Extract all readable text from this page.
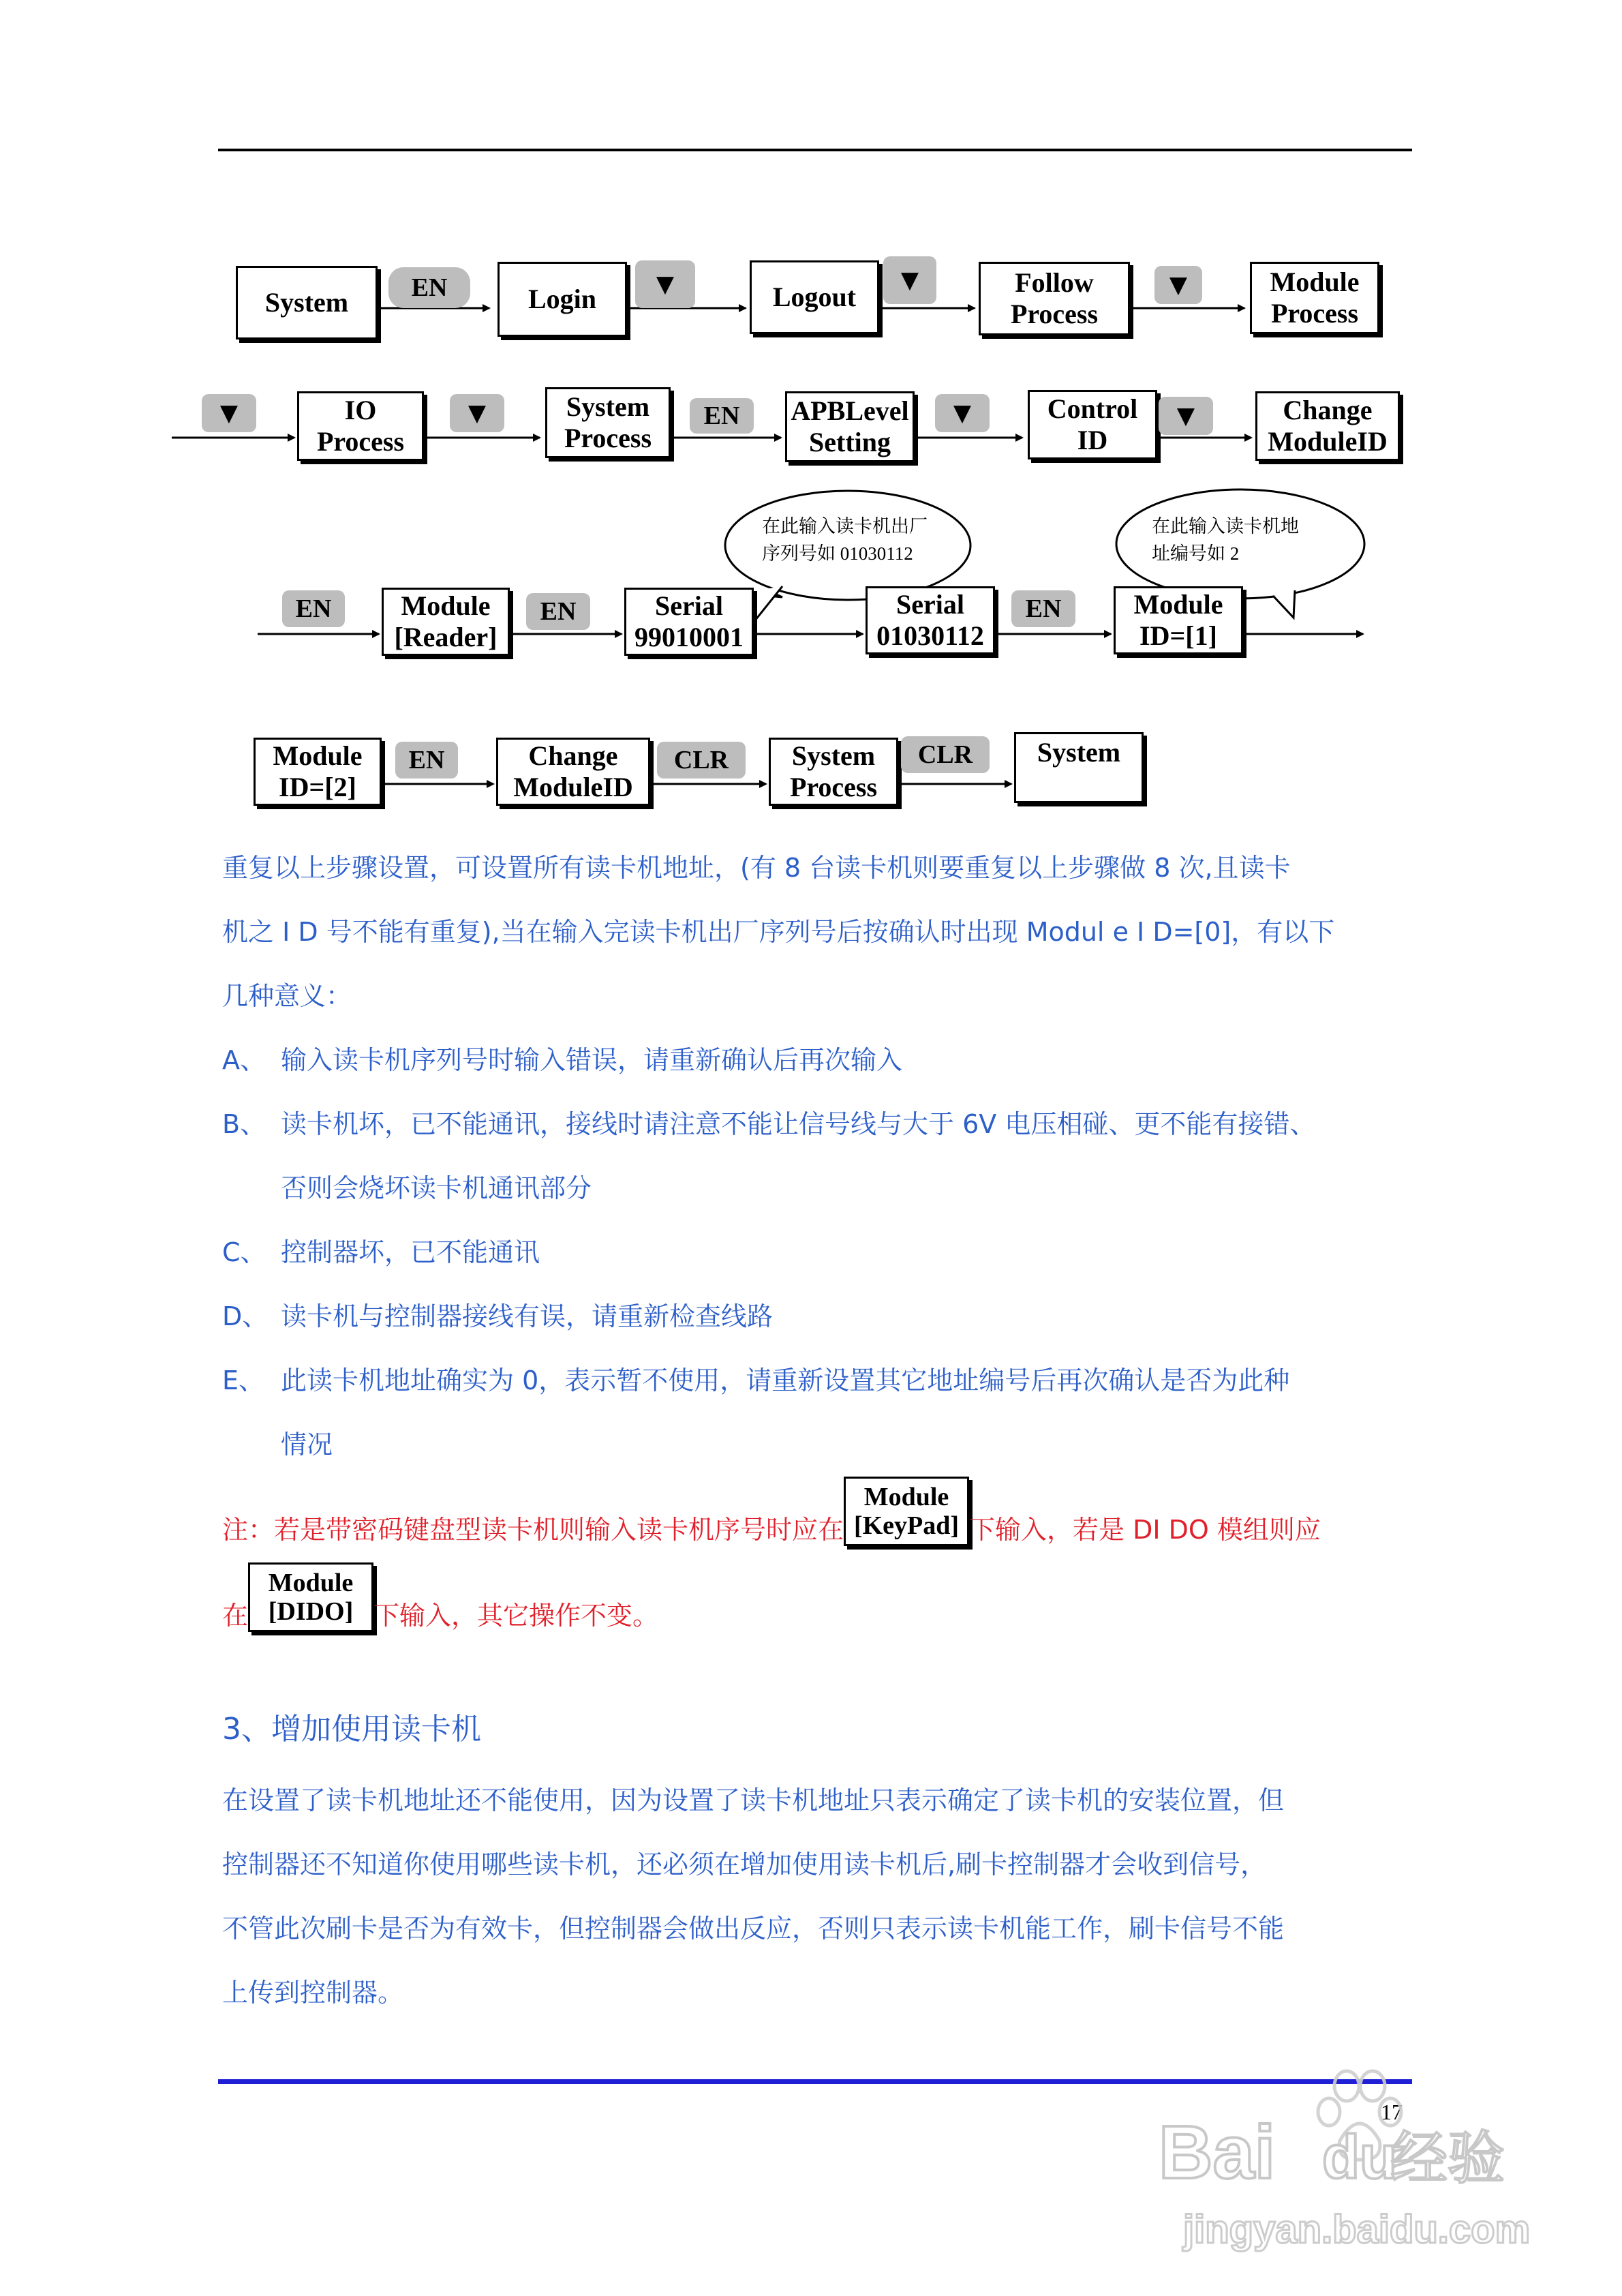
System EN	Login	▼	Logout
▼	Follow
Process
▼	Module
Process
▼	IO
Process
▼	System
Process
EN APBLevel
Setting
▼	Control
ID
▼	Change
ModuleID
在此输入读卡机出厂
序列号如 01030112
在此输入读卡机地
址编号如 2
EN	Module
[Reader]
EN	Serial
99010001
Serial
01030112
EN	Module
ID=[1]
Module
ID=[2]
EN	Change
ModuleID
CLR System
Process
CLR System
重复以上步骤设置，可设置所有读卡机地址，(有 8 台读卡机则要重复以上步骤做 8 次,且读卡
机之 I D 号不能有重复),当在输入完读卡机出厂序列号后按确认时出现 Modul e I D=[0]，有以下
几种意义：
A、 输入读卡机序列号时输入错误，请重新确认后再次输入
B、 读卡机坏，已不能通讯，接线时请注意不能让信号线与大于 6V 电压相碰、更不能有接错、
否则会烧坏读卡机通讯部分
C、 控制器坏，已不能通讯
D、 读卡机与控制器接线有误，请重新检查线路
E、 此读卡机地址确实为 0，表示暂不使用，请重新设置其它地址编号后再次确认是否为此种
情况
注：若是带密码键盘型读卡机则输入读卡机序号时应在
Module
[KeyPad] 下输入，若是 DI DO 模组则应
在
Module
[DIDO] 下输入，其它操作不变。
3、增加使用读卡机
在设置了读卡机地址还不能使用，因为设置了读卡机地址只表示确定了读卡机的安装位置，但
控制器还不知道你使用哪些读卡机，还必须在增加使用读卡机后,刷卡控制器才会收到信号，
不管此次刷卡是否为有效卡，但控制器会做出反应，否则只表示读卡机能工作，刷卡信号不能
上传到控制器。
17
Bai du
经验
jingyan.baidu.com
